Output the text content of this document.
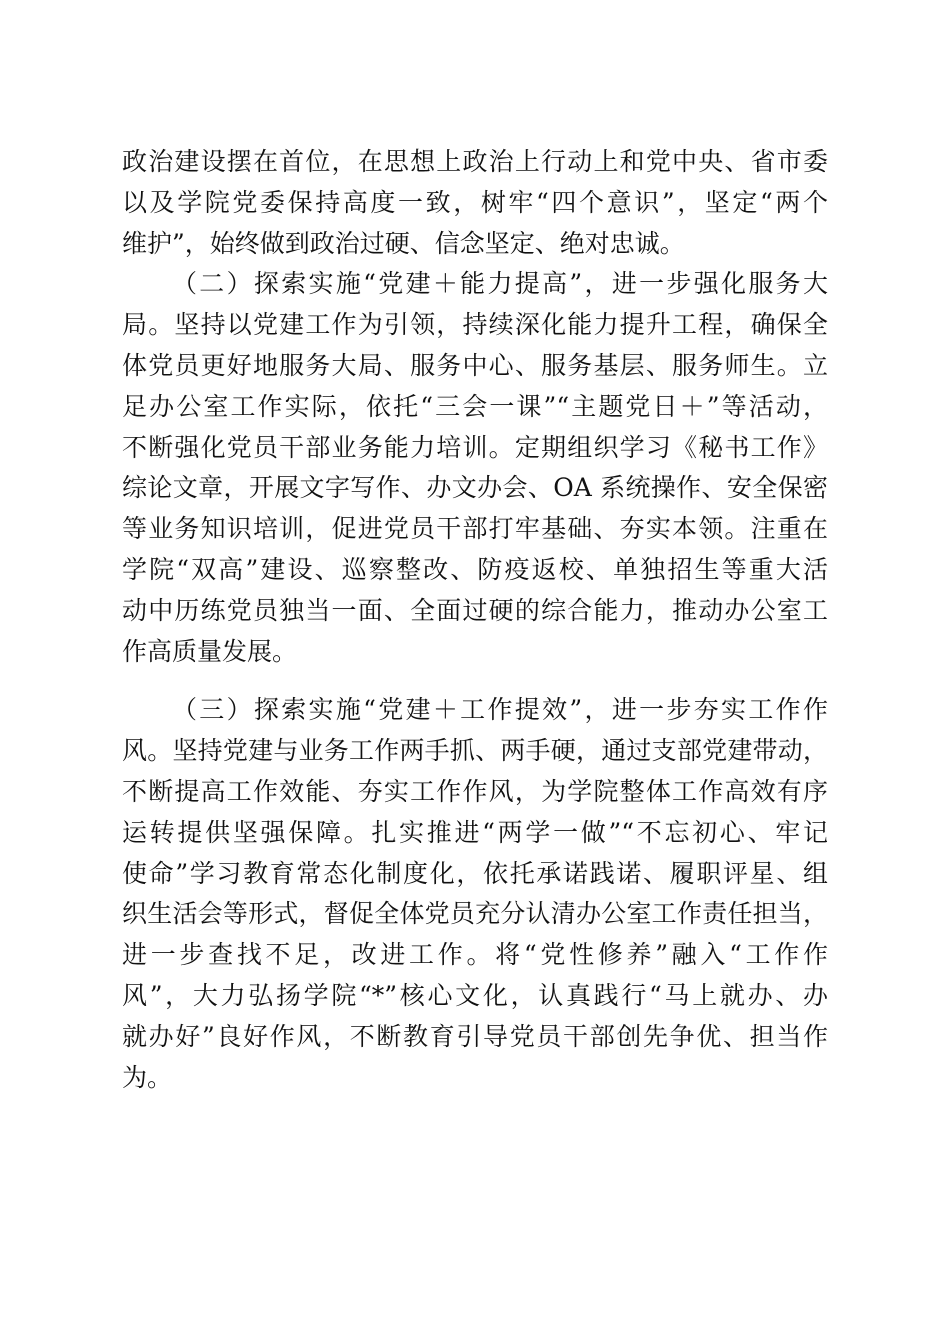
政治建设摆在首位，在思想上政治上行动上和党中央、省市委
以及学院党委保持高度一致，树牢“四个意识”，坚定“两个
维护”，始终做到政治过硬、信念坚定、绝对忠诚。
（二）探索实施“党建＋能力提高”，进一步强化服务大
局。坚持以党建工作为引领，持续深化能力提升工程，确保全
体党员更好地服务大局、服务中心、服务基层、服务师生。立
足办公室工作实际，依托“三会一课”“主题党日＋”等活动，
不断强化党员干部业务能力培训。定期组织学习《秘书工作》
综论文章，开展文字写作、办文办会、OA 系统操作、安全保密
等业务知识培训，促进党员干部打牢基础、夯实本领。注重在
学院“双高”建设、巡察整改、防疫返校、单独招生等重大活
动中历练党员独当一面、全面过硬的综合能力，推动办公室工
作高质量发展。
（三）探索实施“党建＋工作提效”，进一步夯实工作作
风。坚持党建与业务工作两手抓、两手硬，通过支部党建带动，
不断提高工作效能、夯实工作作风，为学院整体工作高效有序
运转提供坚强保障。扎实推进“两学一做”“不忘初心、牢记
使命”学习教育常态化制度化，依托承诺践诺、履职评星、组
织生活会等形式，督促全体党员充分认清办公室工作责任担当，
进一步查找不足，改进工作。将“党性修养”融入“工作作
风”，大力弘扬学院“*”核心文化，认真践行“马上就办、办
就办好”良好作风，不断教育引导党员干部创先争优、担当作
为。
